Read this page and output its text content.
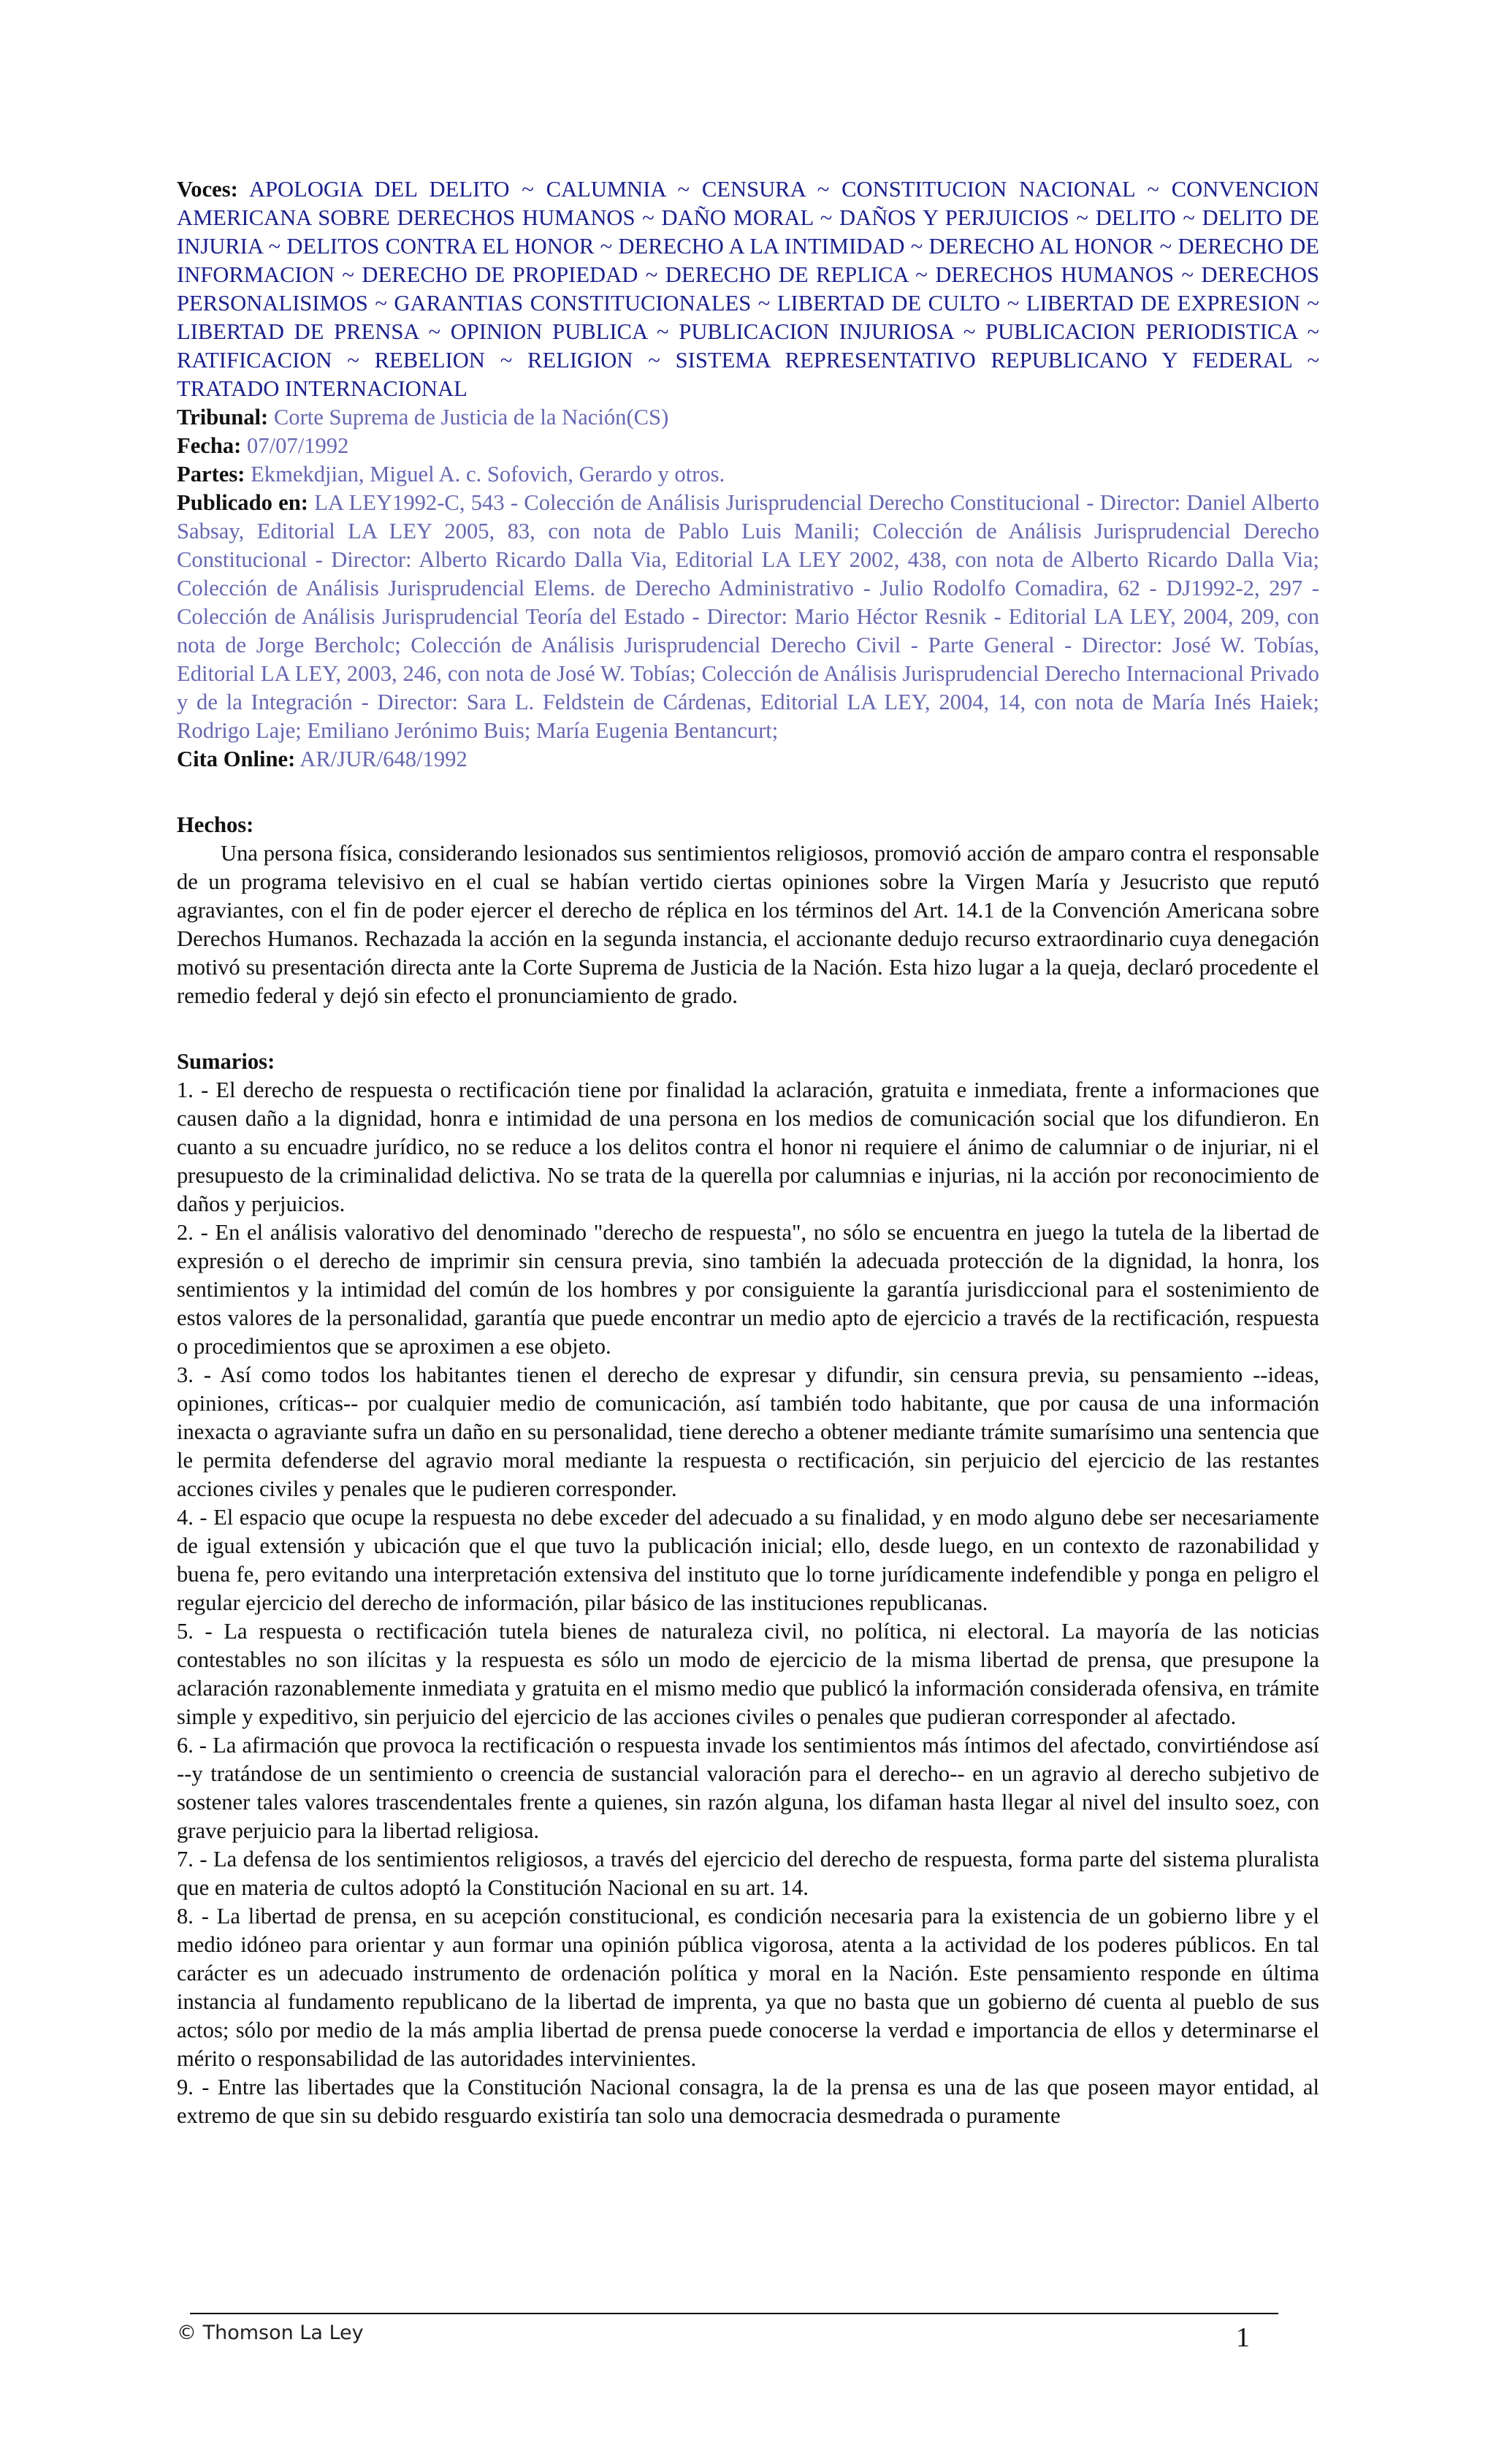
Voces: APOLOGIA DEL DELITO ~ CALUMNIA ~ CENSURA ~ CONSTITUCION NACIONAL ~ CONVENCION AMERICANA SOBRE DERECHOS HUMANOS ~ DAÑO MORAL ~ DAÑOS Y PERJUICIOS ~ DELITO ~ DELITO DE INJURIA ~ DELITOS CONTRA EL HONOR ~ DERECHO A LA INTIMIDAD ~ DERECHO AL HONOR ~ DERECHO DE INFORMACION ~ DERECHO DE PROPIEDAD ~ DERECHO DE REPLICA ~ DERECHOS HUMANOS ~ DERECHOS PERSONALISIMOS ~ GARANTIAS CONSTITUCIONALES ~ LIBERTAD DE CULTO ~ LIBERTAD DE EXPRESION ~ LIBERTAD DE PRENSA ~ OPINION PUBLICA ~ PUBLICACION INJURIOSA ~ PUBLICACION PERIODISTICA ~ RATIFICACION ~ REBELION ~ RELIGION ~ SISTEMA REPRESENTATIVO REPUBLICANO Y FEDERAL ~ TRATADO INTERNACIONAL

Tribunal: Corte Suprema de Justicia de la Nación(CS)

Fecha: 07/07/1992

Partes: Ekmekdjian, Miguel A. c. Sofovich, Gerardo y otros.

Publicado en: LA LEY1992-C, 543 - Colección de Análisis Jurisprudencial Derecho Constitucional - Director: Daniel Alberto Sabsay, Editorial LA LEY 2005, 83, con nota de Pablo Luis Manili; Colección de Análisis Jurisprudencial Derecho Constitucional - Director: Alberto Ricardo Dalla Via, Editorial LA LEY 2002, 438, con nota de Alberto Ricardo Dalla Via; Colección de Análisis Jurisprudencial Elems. de Derecho Administrativo - Julio Rodolfo Comadira, 62 - DJ1992-2, 297 - Colección de Análisis Jurisprudencial Teoría del Estado - Director: Mario Héctor Resnik - Editorial LA LEY, 2004, 209, con nota de Jorge Bercholc; Colección de Análisis Jurisprudencial Derecho Civil - Parte General - Director: José W. Tobías, Editorial LA LEY, 2003, 246, con nota de José W. Tobías; Colección de Análisis Jurisprudencial Derecho Internacional Privado y de la Integración - Director: Sara L. Feldstein de Cárdenas, Editorial LA LEY, 2004, 14, con nota de María Inés Haiek; Rodrigo Laje; Emiliano Jerónimo Buis; María Eugenia Bentancurt;

Cita Online: AR/JUR/648/1992

Hechos:

Una persona física, considerando lesionados sus sentimientos religiosos, promovió acción de amparo contra el responsable de un programa televisivo en el cual se habían vertido ciertas opiniones sobre la Virgen María y Jesucristo que reputó agraviantes, con el fin de poder ejercer el derecho de réplica en los términos del Art. 14.1 de la Convención Americana sobre Derechos Humanos. Rechazada la acción en la segunda instancia, el accionante dedujo recurso extraordinario cuya denegación motivó su presentación directa ante la Corte Suprema de Justicia de la Nación. Esta hizo lugar a la queja, declaró procedente el remedio federal y dejó sin efecto el pronunciamiento de grado.

Sumarios:

1. - El derecho de respuesta o rectificación tiene por finalidad la aclaración, gratuita e inmediata, frente a informaciones que causen daño a la dignidad, honra e intimidad de una persona en los medios de comunicación social que los difundieron. En cuanto a su encuadre jurídico, no se reduce a los delitos contra el honor ni requiere el ánimo de calumniar o de injuriar, ni el presupuesto de la criminalidad delictiva. No se trata de la querella por calumnias e injurias, ni la acción por reconocimiento de daños y perjuicios.

2. - En el análisis valorativo del denominado "derecho de respuesta", no sólo se encuentra en juego la tutela de la libertad de expresión o el derecho de imprimir sin censura previa, sino también la adecuada protección de la dignidad, la honra, los sentimientos y la intimidad del común de los hombres y por consiguiente la garantía jurisdiccional para el sostenimiento de estos valores de la personalidad, garantía que puede encontrar un medio apto de ejercicio a través de la rectificación, respuesta o procedimientos que se aproximen a ese objeto.

3. - Así como todos los habitantes tienen el derecho de expresar y difundir, sin censura previa, su pensamiento --ideas, opiniones, críticas-- por cualquier medio de comunicación, así también todo habitante, que por causa de una información inexacta o agraviante sufra un daño en su personalidad, tiene derecho a obtener mediante trámite sumarísimo una sentencia que le permita defenderse del agravio moral mediante la respuesta o rectificación, sin perjuicio del ejercicio de las restantes acciones civiles y penales que le pudieren corresponder.

4. - El espacio que ocupe la respuesta no debe exceder del adecuado a su finalidad, y en modo alguno debe ser necesariamente de igual extensión y ubicación que el que tuvo la publicación inicial; ello, desde luego, en un contexto de razonabilidad y buena fe, pero evitando una interpretación extensiva del instituto que lo torne jurídicamente indefendible y ponga en peligro el regular ejercicio del derecho de información, pilar básico de las instituciones republicanas.

5. - La respuesta o rectificación tutela bienes de naturaleza civil, no política, ni electoral. La mayoría de las noticias contestables no son ilícitas y la respuesta es sólo un modo de ejercicio de la misma libertad de prensa, que presupone la aclaración razonablemente inmediata y gratuita en el mismo medio que publicó la información considerada ofensiva, en trámite simple y expeditivo, sin perjuicio del ejercicio de las acciones civiles o penales que pudieran corresponder al afectado.

6. - La afirmación que provoca la rectificación o respuesta invade los sentimientos más íntimos del afectado, convirtiéndose así --y tratándose de un sentimiento o creencia de sustancial valoración para el derecho-- en un agravio al derecho subjetivo de sostener tales valores trascendentales frente a quienes, sin razón alguna, los difaman hasta llegar al nivel del insulto soez, con grave perjuicio para la libertad religiosa.

7. - La defensa de los sentimientos religiosos, a través del ejercicio del derecho de respuesta, forma parte del sistema pluralista que en materia de cultos adoptó la Constitución Nacional en su art. 14.

8. - La libertad de prensa, en su acepción constitucional, es condición necesaria para la existencia de un gobierno libre y el medio idóneo para orientar y aun formar una opinión pública vigorosa, atenta a la actividad de los poderes públicos. En tal carácter es un adecuado instrumento de ordenación política y moral en la Nación. Este pensamiento responde en última instancia al fundamento republicano de la libertad de imprenta, ya que no basta que un gobierno dé cuenta al pueblo de sus actos; sólo por medio de la más amplia libertad de prensa puede conocerse la verdad e importancia de ellos y determinarse el mérito o responsabilidad de las autoridades intervinientes.

9. - Entre las libertades que la Constitución Nacional consagra, la de la prensa es una de las que poseen mayor entidad, al extremo de que sin su debido resguardo existiría tan solo una democracia desmedrada o puramente

© Thomson La Ley	1
